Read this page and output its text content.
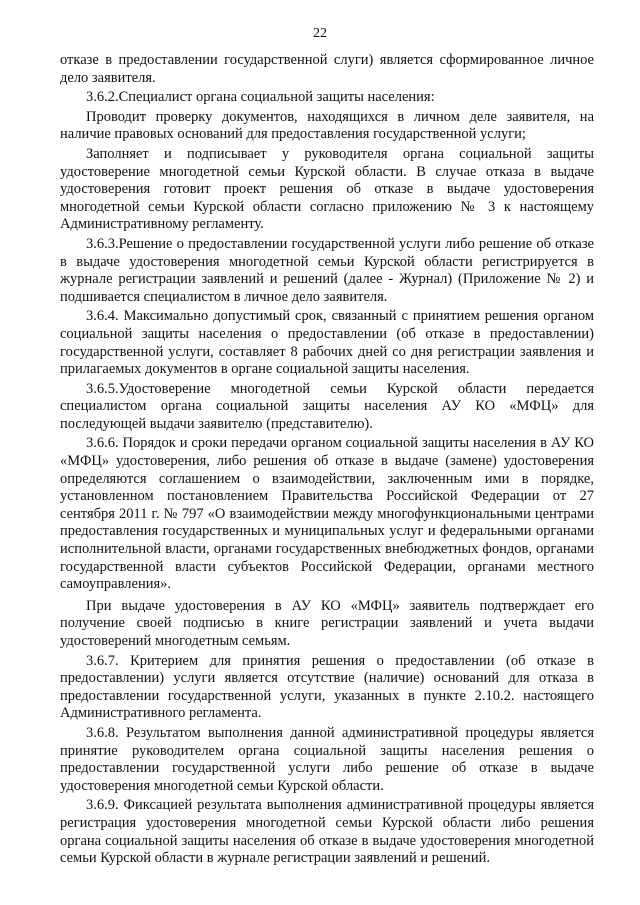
22

отказе в предоставлении государственной слуги) является сформированное личное дело заявителя.

3.6.2.Специалист органа социальной защиты населения:

Проводит проверку документов, находящихся в личном деле заявителя, на наличие правовых оснований для предоставления государственной услуги;

Заполняет и подписывает у руководителя органа социальной защиты удостоверение многодетной семьи Курской области. В случае отказа в выдаче удостоверения готовит проект решения об отказе в выдаче удостоверения многодетной семьи Курской области согласно приложению № 3 к настоящему Административному регламенту.

3.6.3.Решение о предоставлении государственной услуги либо решение об отказе в выдаче удостоверения многодетной семьи Курской области регистрируется в журнале регистрации заявлений и решений (далее - Журнал) (Приложение № 2) и подшивается специалистом в личное дело заявителя.

3.6.4. Максимально допустимый срок, связанный с принятием решения органом социальной защиты населения о предоставлении (об отказе в предоставлении) государственной услуги, составляет 8 рабочих дней со дня регистрации заявления и прилагаемых документов в органе социальной защиты населения.

3.6.5.Удостоверение многодетной семьи Курской области передается специалистом органа социальной защиты населения АУ КО «МФЦ» для последующей выдачи заявителю (представителю).

3.6.6. Порядок и сроки передачи органом социальной защиты населения в АУ КО «МФЦ» удостоверения, либо решения об отказе в выдаче (замене) удостоверения определяются соглашением о взаимодействии, заключенным ими в порядке, установленном постановлением Правительства Российской Федерации от 27 сентября 2011 г. № 797 «О взаимодействии между многофункциональными центрами предоставления государственных и муниципальных услуг и федеральными органами исполнительной власти, органами государственных внебюджетных фондов, органами государственной власти субъектов Российской Федерации, органами местного самоуправления».

При выдаче удостоверения в АУ КО «МФЦ» заявитель подтверждает его получение своей подписью в книге регистрации заявлений и учета выдачи удостоверений многодетным семьям.

3.6.7. Критерием для принятия решения о предоставлении (об отказе в предоставлении) услуги является отсутствие (наличие) оснований для отказа в предоставлении государственной услуги, указанных в пункте 2.10.2. настоящего Административного регламента.

3.6.8. Результатом выполнения данной административной процедуры является принятие руководителем органа социальной защиты населения решения о предоставлении государственной услуги либо решение об отказе в выдаче удостоверения многодетной семьи Курской области.

3.6.9. Фиксацией результата выполнения административной процедуры является регистрация удостоверения многодетной семьи Курской области либо решения органа социальной защиты населения об отказе в выдаче удостоверения многодетной семьи Курской области в журнале регистрации заявлений и решений.
